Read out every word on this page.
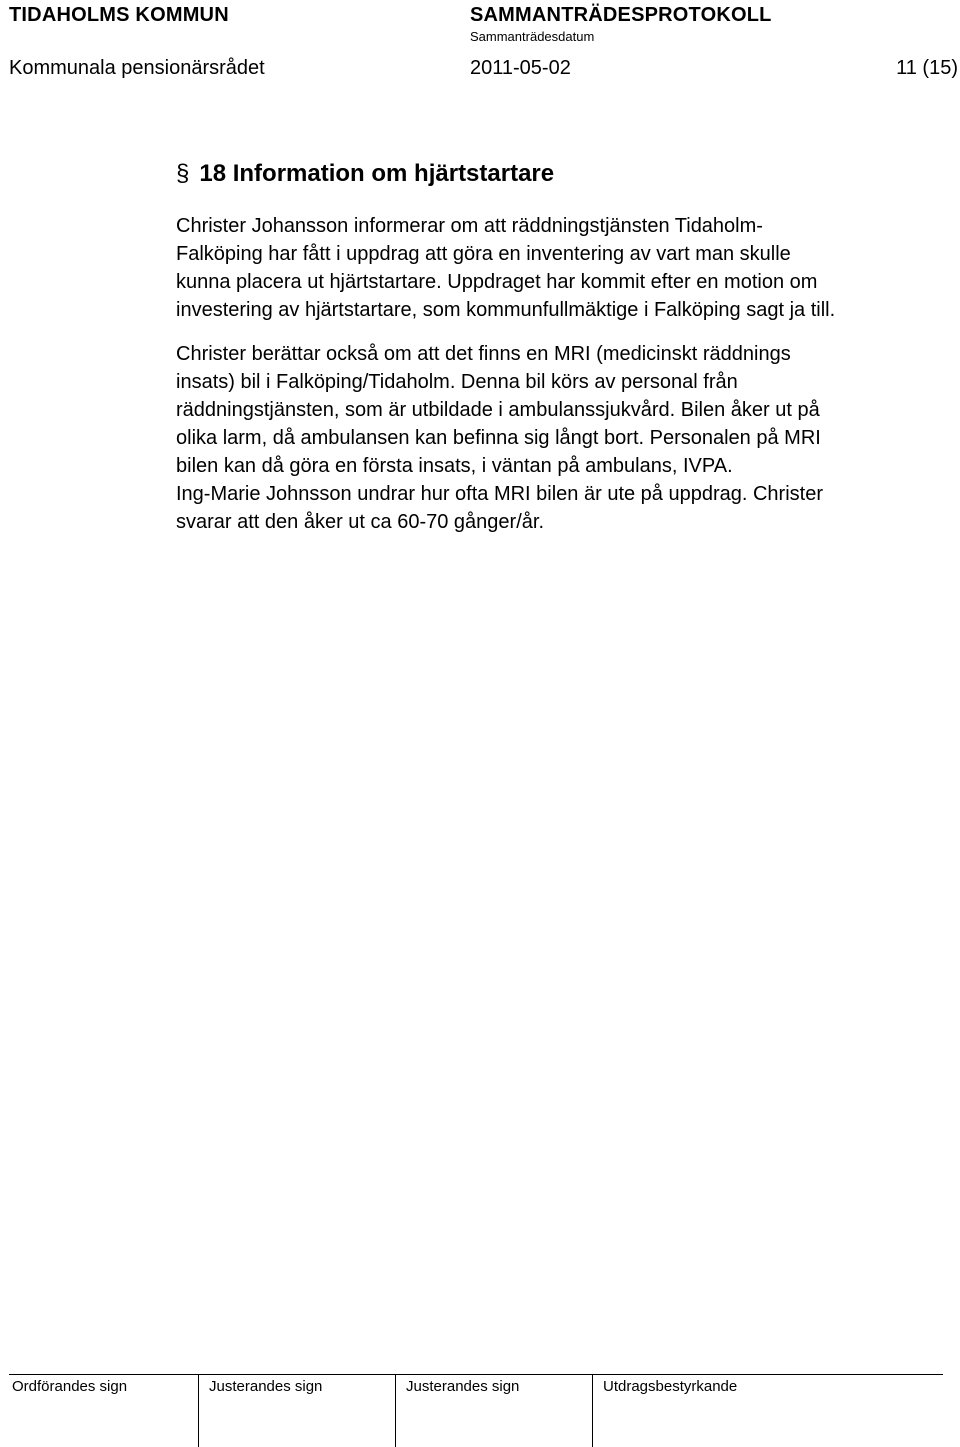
TIDAHOLMS KOMMUN	SAMMANTRÄDESPROTOKOLL
Sammanträdesdatum
Kommunala pensionärsrådet	2011-05-02	11 (15)
§ 18 Information om hjärtstartare

Christer Johansson informerar om att räddningstjänsten Tidaholm-
Falköping har fått i uppdrag att göra en inventering av vart man skulle
kunna placera ut hjärtstartare. Uppdraget har kommit efter en motion om
investering av hjärtstartare, som kommunfullmäktige i Falköping sagt ja till.

Christer berättar också om att det finns en MRI (medicinskt räddnings
insats) bil i Falköping/Tidaholm. Denna bil körs av personal från
räddningstjänsten, som är utbildade i ambulanssjukvård. Bilen åker ut på
olika larm, då ambulansen kan befinna sig långt bort. Personalen på MRI
bilen kan då göra en första insats, i väntan på ambulans, IVPA.
Ing-Marie Johnsson undrar hur ofta MRI bilen är ute på uppdrag. Christer
svarar att den åker ut ca 60-70 gånger/år.

Ordförandes sign	Justerandes sign	Justerandes sign	Utdragsbestyrkande
